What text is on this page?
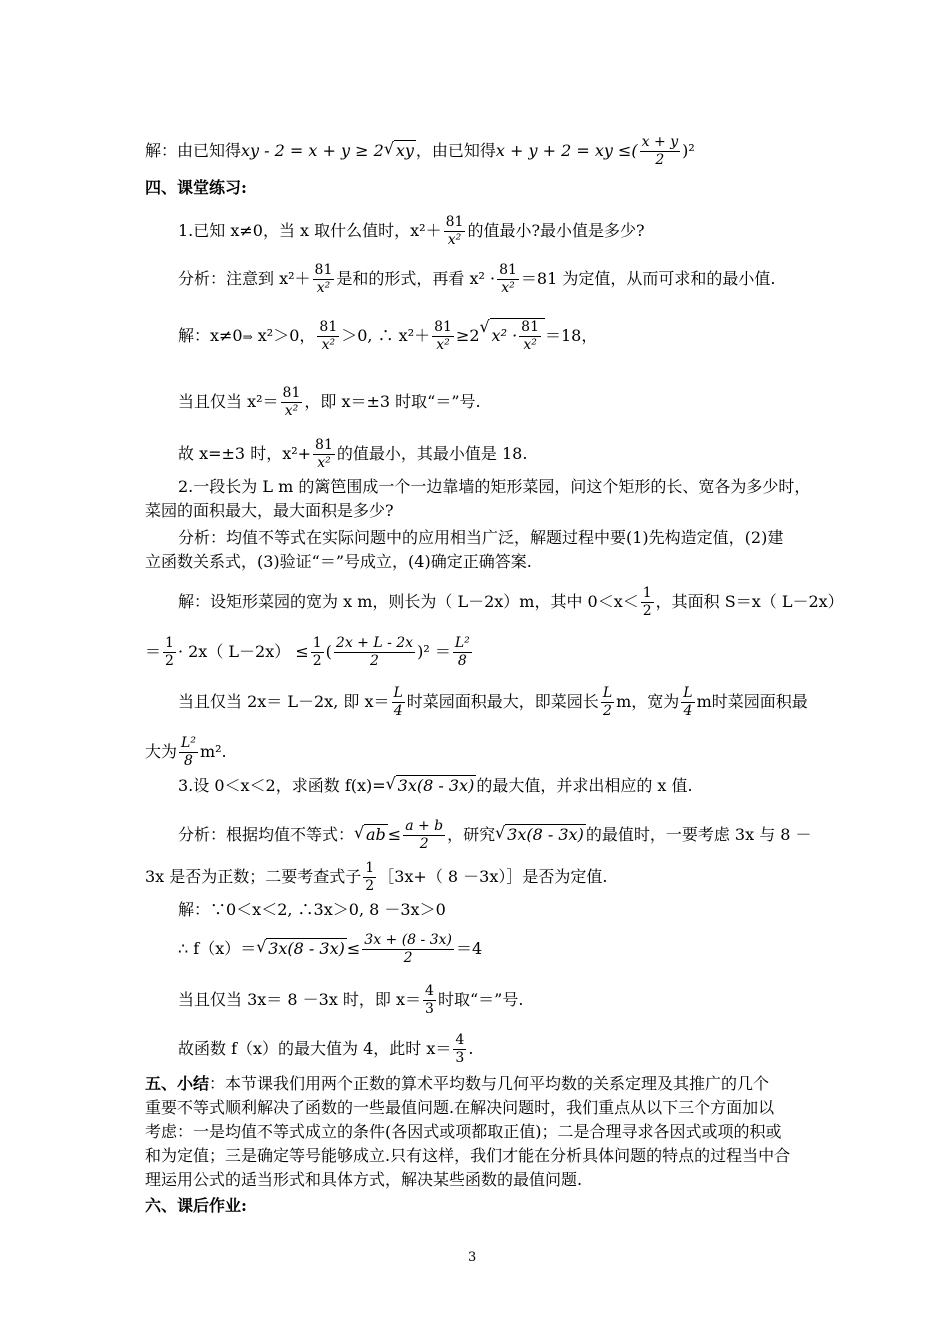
解：由已知得xy - 2 = x + y ≥ 2√ xy ，由已知得x + y + 2 = xy ≤( $\frac{x + y}{2} )^2$
四、课堂练习:
1.已知 x≠0，当 x 取什么值时，$x^2+ \frac{81}{\text{x²}}$ 的值最小?最小值是多少?
分析：注意到 $x^2+ \frac{81}{\text{x²}}$ 是和的形式，再看 $x^2 \cdot \frac{81}{\text{x²}} =81$ 为定值，从而可求和的最小值.
解：x≠0⇒ x²＞0， $\frac{81}{\text{x²}} >0$, ∴ $x^2+ \frac{81}{\text{x²}} \ge 2√$ $x^2 \cdot \frac{81}{\text{x²}} =18$，
当且仅当 $x^2= \frac{81}{\text{x²}}$ ，即 x＝±3 时取“＝”号.
故 x=±3 时，$x^2+ \frac{81}{\text{x²}}$ 的值最小，其最小值是 18.
2.一段长为 L m 的篱笆围成一个一边靠墙的矩形菜园，问这个矩形的长、宽各为多少时，
菜园的面积最大，最大面积是多少?
分析：均值不等式在实际问题中的应用相当广泛，解题过程中要(1)先构造定值，(2)建
立函数关系式，(3)验证“＝”号成立，(4)确定正确答案.
解：设矩形菜园的宽为 x m，则长为（ L－2x）m，其中 $0<x< \frac{1}{2}$ ，其面积 S＝x（ L－2x）
＝ $\frac{1}{2} \cdot 2x$（ $L-2x) \le \frac{1}{2}$ ( $\frac{2x + L - 2x}{2} )^2 = \frac{\text{L²}}{8}$
当且仅当 2x＝ L－2x, 即 $x= \frac{L}{4}$ 时菜园面积最大，即菜园长 $\frac{L}{2}$ m，宽为 $\frac{L}{4}$ m时菜园面积最
大为 $\frac{\text{L²}}{8} m^2$.
3.设 0＜x＜2，求函数 f(x)=√ 3x(8 - 3x) 的最大值，并求出相应的 x 值.
分析：根据均值不等式：√ ab ≤ $\frac{a + b}{2}$ ，研究√ 3x(8 - 3x) 的最值时，一要考虑 3x 与 8 －
3x 是否为正数；二要考查式子 $\frac{1}{2}$ ［3x+（ 8 －3x）］是否为定值.
解：∵0＜x＜2, ∴3x＞0, 8 －3x＞0
∴ f（x）＝√ $3x(8 - 3x) \le \frac{3x + (8 - 3x)}{2} =4$
当且仅当 3x＝ 8 －3x 时，即 $x= \frac{4}{3}$ 时取“＝”号.
故函数 f（x）的最大值为 4，此时 $x= \frac{4}{3}$ .
五、小结：本节课我们用两个正数的算术平均数与几何平均数的关系定理及其推广的几个
重要不等式顺利解决了函数的一些最值问题.在解决问题时，我们重点从以下三个方面加以
考虑：一是均值不等式成立的条件(各因式或项都取正值)；二是合理寻求各因式或项的积或
和为定值；三是确定等号能够成立.只有这样，我们才能在分析具体问题的特点的过程当中合
理运用公式的适当形式和具体方式，解决某些函数的最值问题.
六、课后作业:
3
